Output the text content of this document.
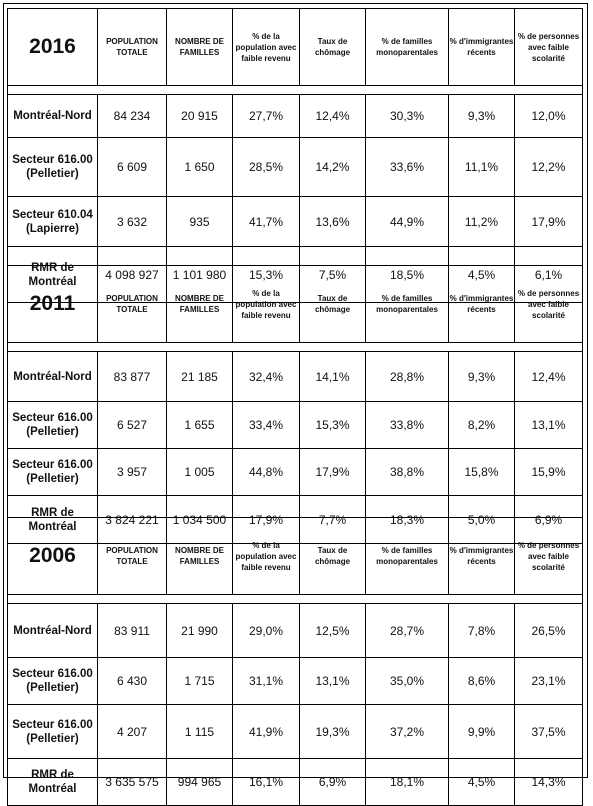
2016	POPULATION TOTALE	NOMBRE DE FAMILLES	% de la population avec faible revenu	Taux de chômage	% de familles monoparentales	% d'immigrantes récents	% de personnes avec faible scolarité

Montréal-Nord	84 234	20 915	27,7%	12,4%	30,3%	9,3%	12,0%
Secteur 616.00 (Pelletier)	6 609	1 650	28,5%	14,2%	33,6%	11,1%	12,2%
Secteur 610.04 (Lapierre)	3 632	935	41,7%	13,6%	44,9%	11,2%	17,9%
RMR de Montréal	4 098 927	1 101 980	15,3%	7,5%	18,5%	4,5%	6,1%
2011	POPULATION TOTALE	NOMBRE DE FAMILLES	% de la population avec faible revenu	Taux de chômage	% de familles monoparentales	% d'immigrantes récents	% de personnes avec faible scolarité

Montréal-Nord	83 877	21 185	32,4%	14,1%	28,8%	9,3%	12,4%
Secteur 616.00 (Pelletier)	6 527	1 655	33,4%	15,3%	33,8%	8,2%	13,1%
Secteur 616.00 (Pelletier)	3 957	1 005	44,8%	17,9%	38,8%	15,8%	15,9%
RMR de Montréal	3 824 221	1 034 500	17,9%	7,7%	18,3%	5,0%	6,9%
2006	POPULATION TOTALE	NOMBRE DE FAMILLES	% de la population avec faible revenu	Taux de chômage	% de familles monoparentales	% d'immigrantes récents	% de personnes avec faible scolarité

Montréal-Nord	83 911	21 990	29,0%	12,5%	28,7%	7,8%	26,5%
Secteur 616.00 (Pelletier)	6 430	1 715	31,1%	13,1%	35,0%	8,6%	23,1%
Secteur 616.00 (Pelletier)	4 207	1 115	41,9%	19,3%	37,2%	9,9%	37,5%
RMR de Montréal	3 635 575	994 965	16,1%	6,9%	18,1%	4,5%	14,3%
